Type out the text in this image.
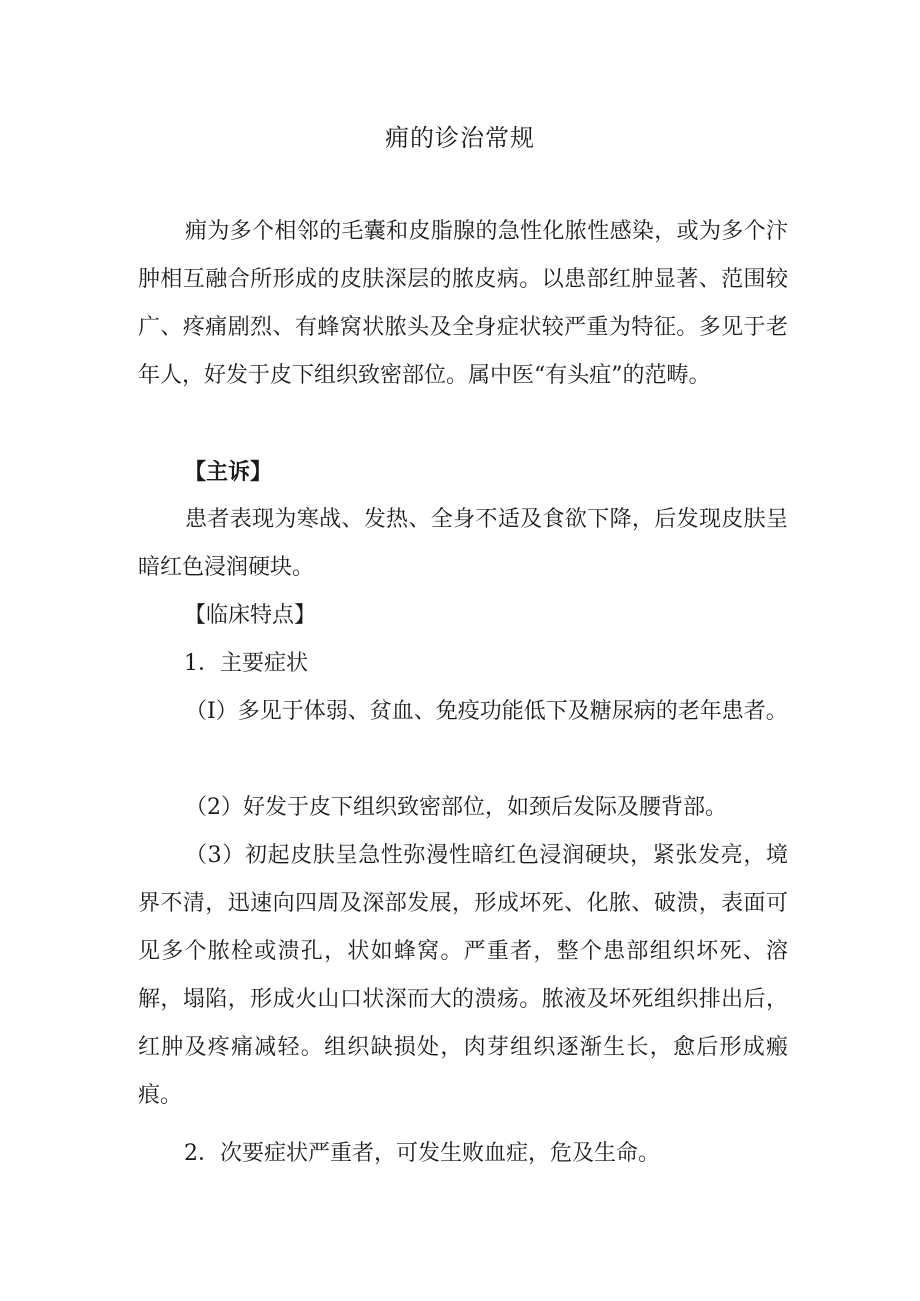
痈的诊治常规

痈为多个相邻的毛囊和皮脂腺的急性化脓性感染，或为多个汴肿相互融合所形成的皮肤深层的脓皮病。以患部红肿显著、范围较广、疼痛剧烈、有蜂窝状脓头及全身症状较严重为特征。多见于老年人，好发于皮下组织致密部位。属中医“有头疽”的范畴。

【主诉】

患者表现为寒战、发热、全身不适及食欲下降，后发现皮肤呈暗红色浸润硬块。

【临床特点】

1．主要症状

（I）多见于体弱、贫血、免疫功能低下及糖尿病的老年患者。

（2）好发于皮下组织致密部位，如颈后发际及腰背部。

（3）初起皮肤呈急性弥漫性暗红色浸润硬块，紧张发亮，境界不清，迅速向四周及深部发展，形成坏死、化脓、破溃，表面可见多个脓栓或溃孔，状如蜂窝。严重者，整个患部组织坏死、溶解，塌陷，形成火山口状深而大的溃疡。脓液及坏死组织排出后，红肿及疼痛减轻。组织缺损处，肉芽组织逐渐生长，愈后形成瘢痕。

2．次要症状严重者，可发生败血症，危及生命。
